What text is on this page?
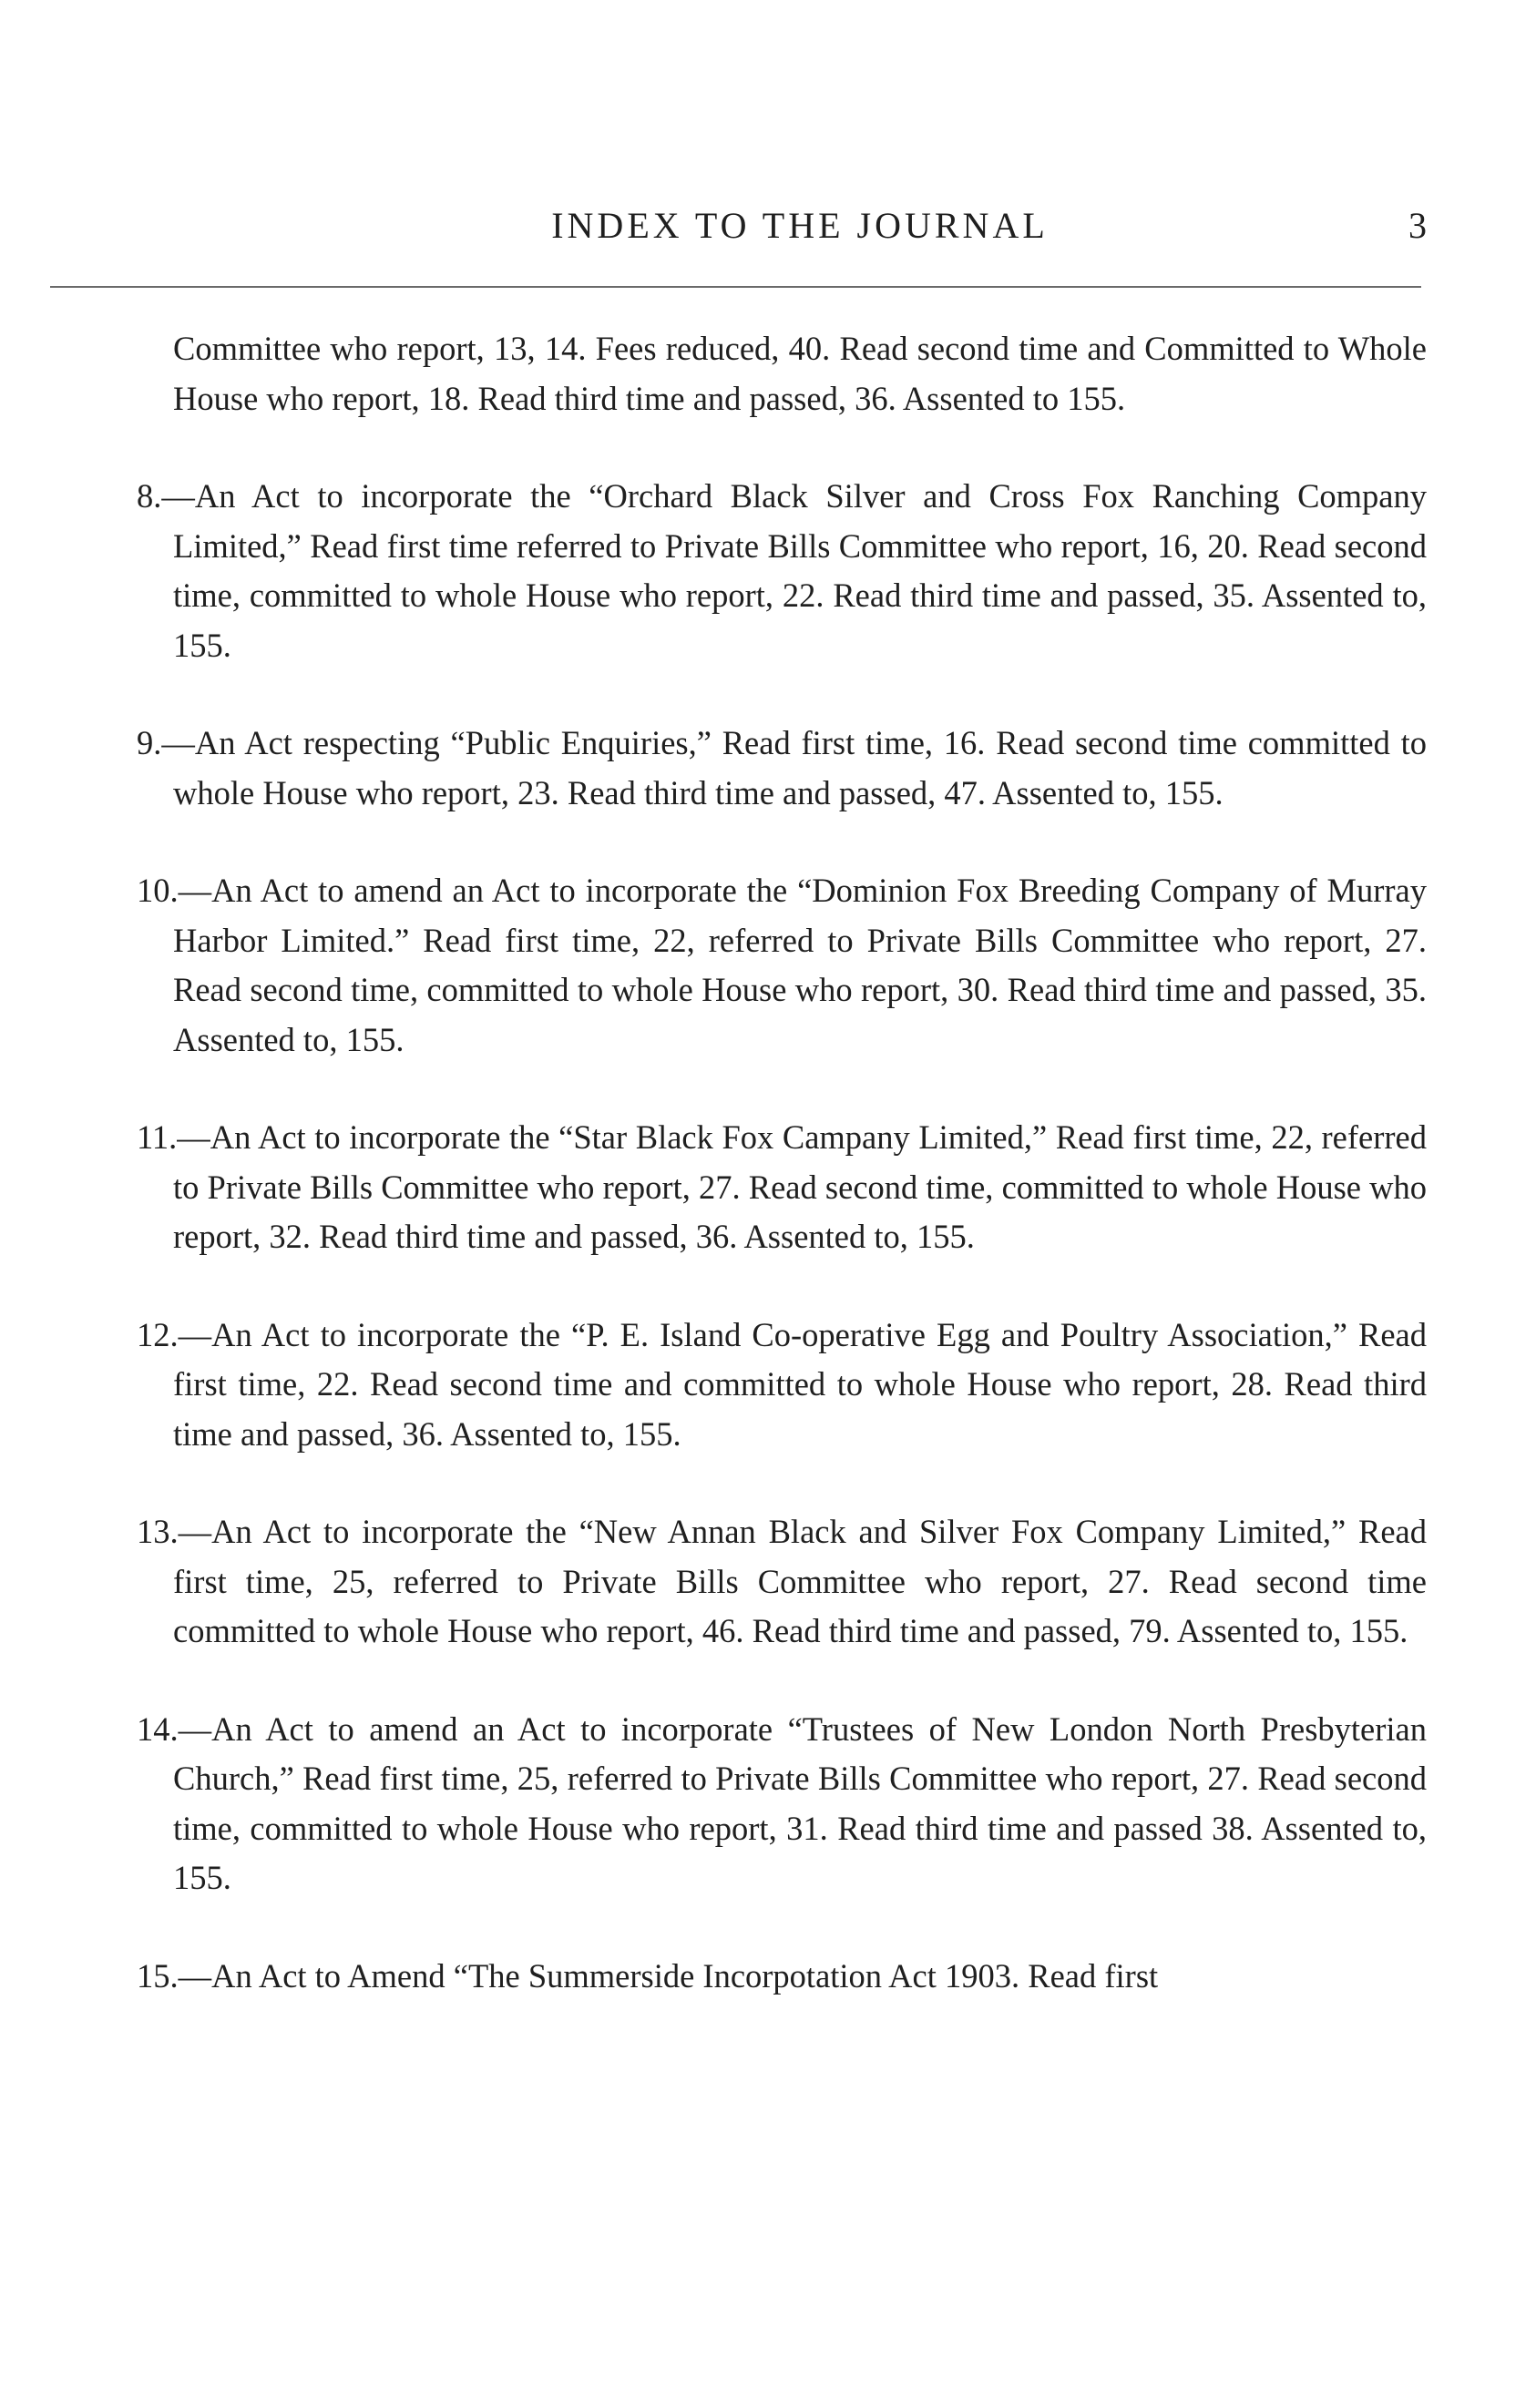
INDEX TO THE JOURNAL	3

Committee who report, 13, 14. Fees reduced, 40. Read second time and Committed to Whole House who report, 18. Read third time and passed, 36. Assented to 155.

8.—An Act to incorporate the “Orchard Black Silver and Cross Fox Ranching Company Limited,” Read first time referred to Private Bills Committee who report, 16, 20. Read second time, committed to whole House who report, 22. Read third time and passed, 35. Assented to, 155.

9.—An Act respecting “Public Enquiries,” Read first time, 16. Read second time committed to whole House who report, 23. Read third time and passed, 47. Assented to, 155.

10.—An Act to amend an Act to incorporate the “Dominion Fox Breeding Company of Murray Harbor Limited.” Read first time, 22, referred to Private Bills Committee who report, 27. Read second time, committed to whole House who report, 30. Read third time and passed, 35. Assented to, 155.

11.—An Act to incorporate the “Star Black Fox Campany Limited,” Read first time, 22, referred to Private Bills Committee who report, 27. Read second time, committed to whole House who report, 32. Read third time and passed, 36. Assented to, 155.

12.—An Act to incorporate the “P. E. Island Co-operative Egg and Poultry Association,” Read first time, 22. Read second time and committed to whole House who report, 28. Read third time and passed, 36. Assented to, 155.

13.—An Act to incorporate the “New Annan Black and Silver Fox Company Limited,” Read first time, 25, referred to Private Bills Committee who report, 27. Read second time committed to whole House who report, 46. Read third time and passed, 79. Assented to, 155.

14.—An Act to amend an Act to incorporate “Trustees of New London North Presbyterian Church,” Read first time, 25, referred to Private Bills Committee who report, 27. Read second time, committed to whole House who report, 31. Read third time and passed 38. Assented to, 155.

15.—An Act to Amend “The Summerside Incorpotation Act 1903. Read first
